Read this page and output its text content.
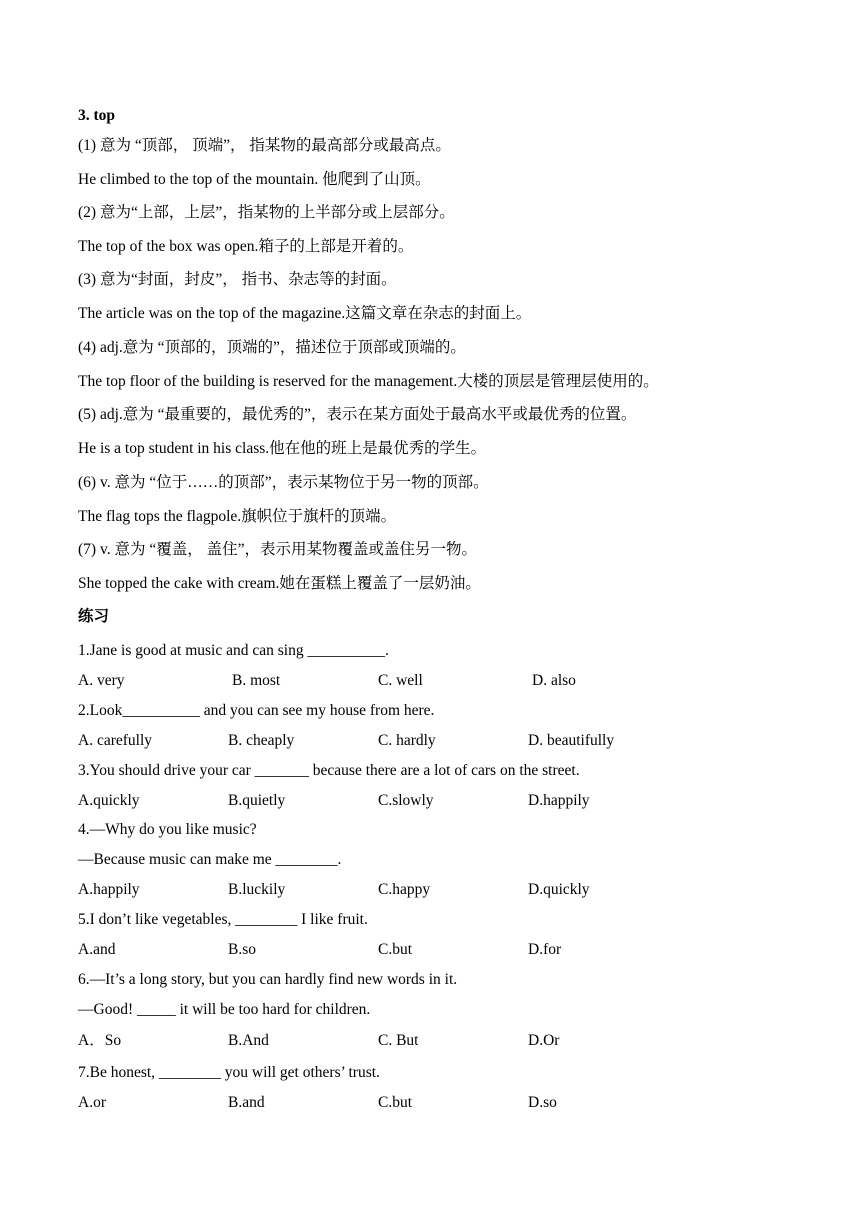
3. top
(1) 意为 “顶部， 顶端”， 指某物的最高部分或最高点。
He climbed to the top of the mountain. 他爬到了山顶。
(2) 意为“上部，上层”，指某物的上半部分或上层部分。
The top of the box was open.箱子的上部是开着的。
(3) 意为“封面，封皮”， 指书、杂志等的封面。
The article was on the top of the magazine.这篇文章在杂志的封面上。
(4) adj.意为 “顶部的，顶端的”，描述位于顶部或顶端的。
The top floor of the building is reserved for the management.大楼的顶层是管理层使用的。
(5) adj.意为 “最重要的，最优秀的”，表示在某方面处于最高水平或最优秀的位置。
He is a top student in his class.他在他的班上是最优秀的学生。
(6) v. 意为 “位于……的顶部”，表示某物位于另一物的顶部。
The flag tops the flagpole.旗帜位于旗杆的顶端。
(7) v. 意为 “覆盖， 盖住”，表示用某物覆盖或盖住另一物。
She topped the cake with cream.她在蛋糕上覆盖了一层奶油。
练习
1.Jane is good at music and can sing __________.
A. very	B. most	C. well	D. also
2.Look__________ and you can see my house from here.
A. carefully	B. cheaply	C. hardly	D. beautifully
3.You should drive your car _______ because there are a lot of cars on the street.
A.quickly	B.quietly	C.slowly	D.happily
4.—Why do you like music?
—Because music can make me ________.
A.happily	B.luckily	C.happy	D.quickly
5.I don’t like vegetables, ________ I like fruit.
A.and	B.so	C.but	D.for
6.—It’s a long story, but you can hardly find new words in it.
—Good! _____ it will be too hard for children.
A．So	B.And	C. But	D.Or
7.Be honest, ________ you will get others’ trust.
A.or	B.and	C.but	D.so
